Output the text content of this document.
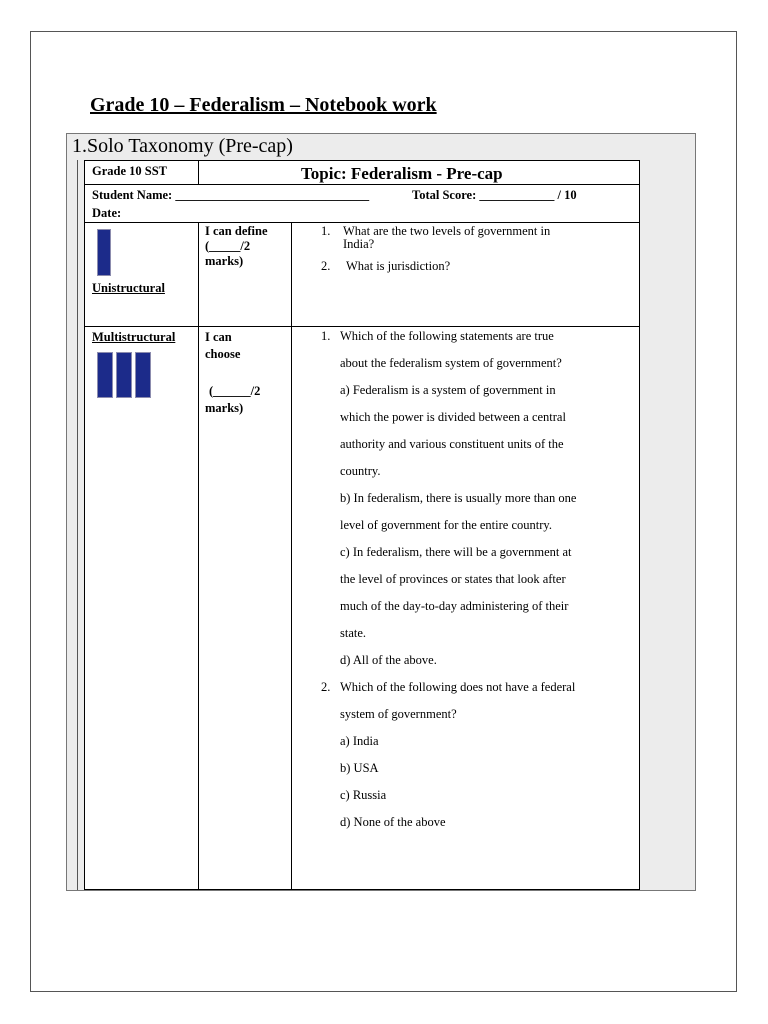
Grade 10 – Federalism – Notebook work
1.Solo Taxonomy (Pre-cap)
Grade 10 SST	Topic: Federalism - Pre-cap
Student Name: _______________________________	Total Score: ____________ / 10
Date:
Unistructural
I can define
(_____/2
marks)
1. What are the two levels of government in
India?
2. What is jurisdiction?
Multistructural I can
choose
(______/2
marks)
1. Which of the following statements are true
about the federalism system of government?
a) Federalism is a system of government in
which the power is divided between a central
authority and various constituent units of the
country.
b) In federalism, there is usually more than one
level of government for the entire country.
c) In federalism, there will be a government at
the level of provinces or states that look after
much of the day-to-day administering of their
state.
d) All of the above.
2. Which of the following does not have a federal
system of government?
a) India
b) USA
c) Russia
d) None of the above
